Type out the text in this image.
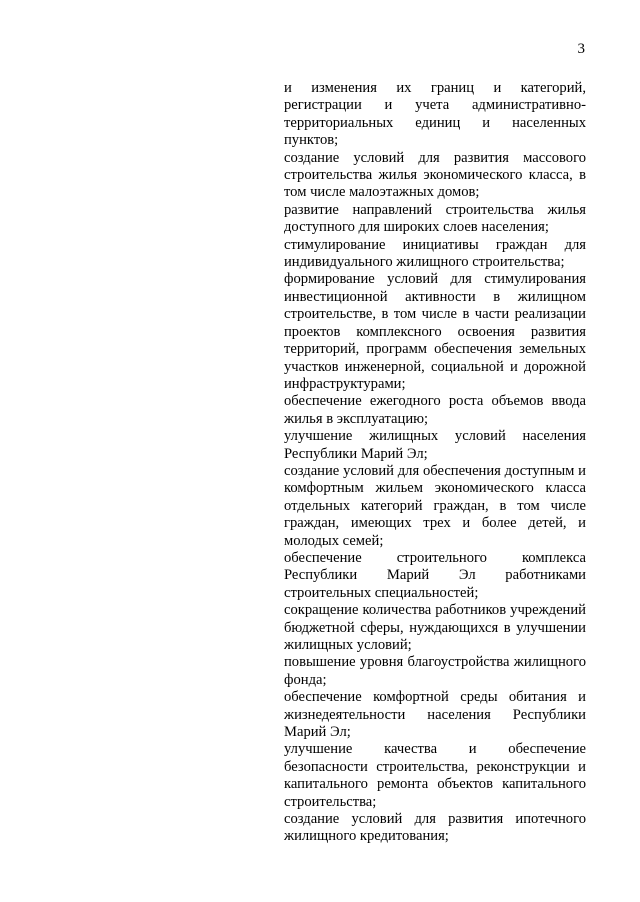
3

и изменения их границ и категорий, регистрации и учета административно-территориальных единиц и населенных пунктов;

создание условий для развития массового строительства жилья экономического класса, в том числе малоэтажных домов;

развитие направлений строительства жилья доступного для широких слоев населения;

стимулирование инициативы граждан для индивидуального жилищного строительства;

формирование условий для стимулирования инвестиционной активности в жилищном строительстве, в том числе в части реализации проектов комплексного освоения развития территорий, программ обеспечения земельных участков инженерной, социальной и дорожной инфраструктурами;

обеспечение ежегодного роста объемов ввода жилья в эксплуатацию;

улучшение жилищных условий населения Республики Марий Эл;

создание условий для обеспечения доступным и комфортным жильем экономического класса отдельных категорий граждан, в том числе граждан, имеющих трех и более детей, и молодых семей;

обеспечение строительного комплекса Республики Марий Эл работниками строительных специальностей;

сокращение количества работников учреждений бюджетной сферы, нуждающихся в улучшении жилищных условий;

повышение уровня благоустройства жилищного фонда;

обеспечение комфортной среды обитания и жизнедеятельности населения Республики Марий Эл;

улучшение качества и обеспечение безопасности строительства, реконструкции и капитального ремонта объектов капитального строительства;

создание условий для развития ипотечного жилищного кредитования;
